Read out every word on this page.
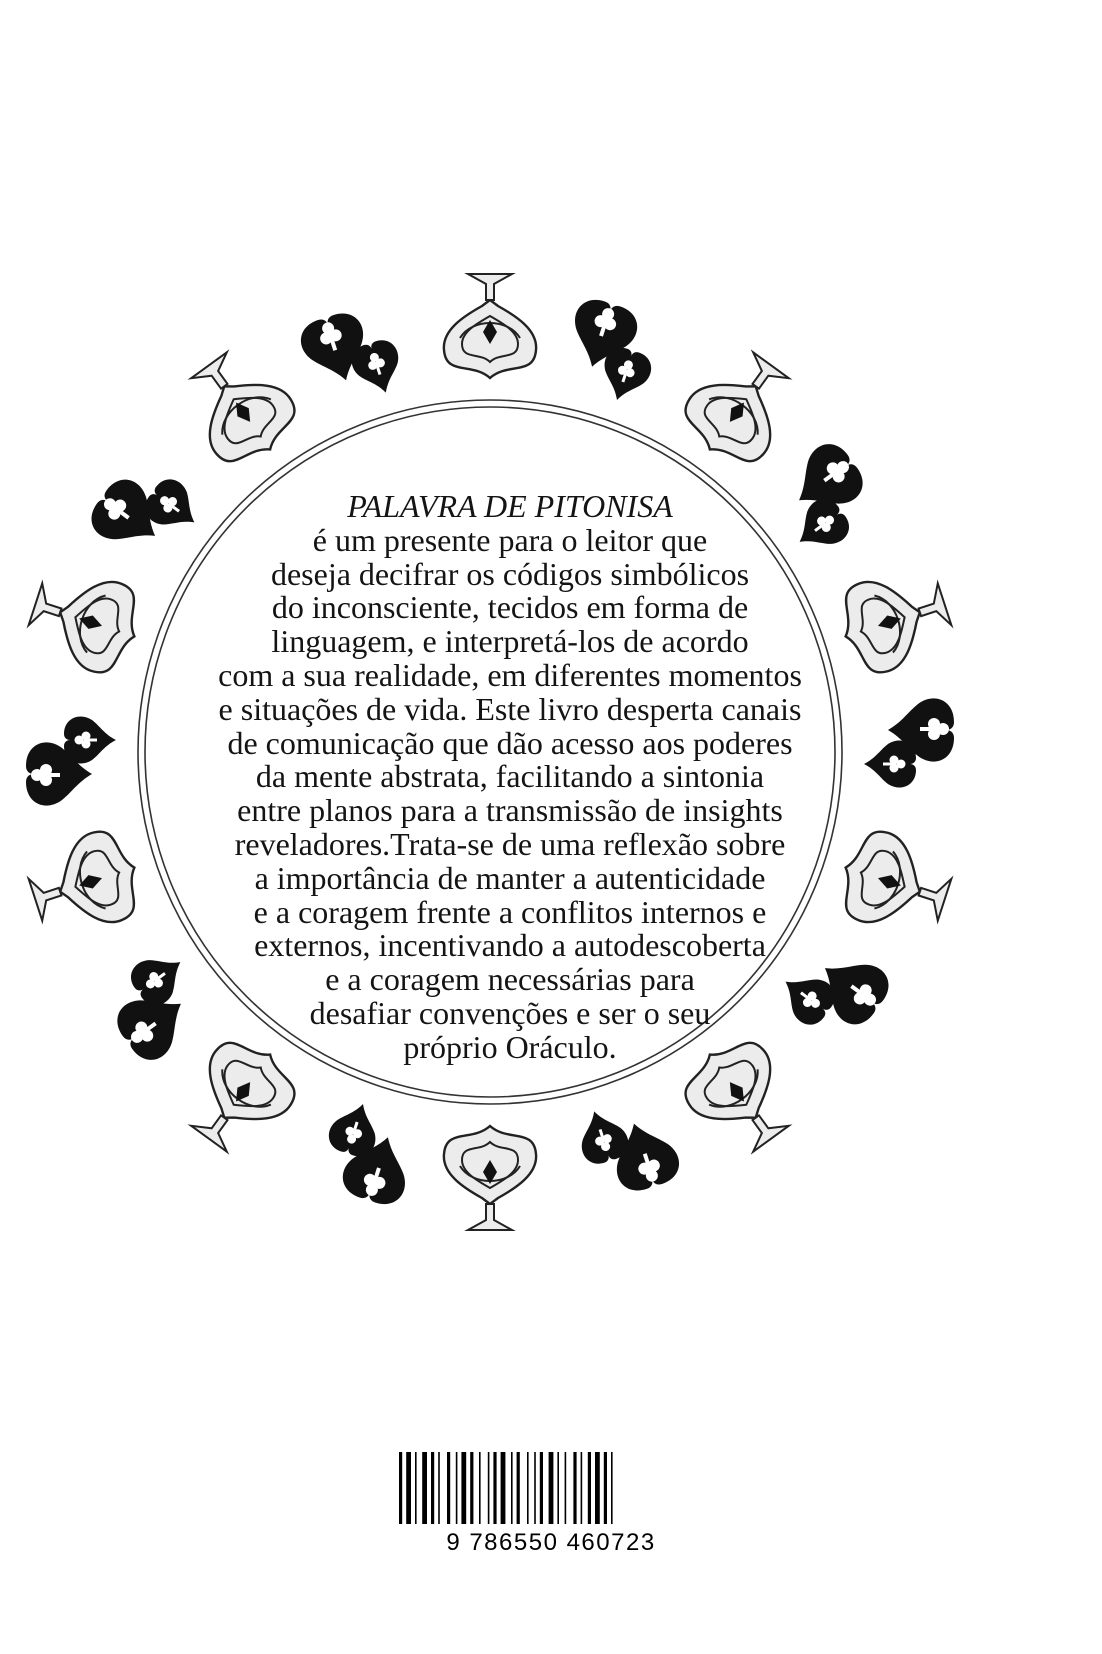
PALAVRA DE PITONISA
é um presente para o leitor que
deseja decifrar os códigos simbólicos
do inconsciente, tecidos em forma de
linguagem, e interpretá-los de acordo
com a sua realidade, em diferentes momentos
e situações de vida. Este livro desperta canais
de comunicação que dão acesso aos poderes
da mente abstrata, facilitando a sintonia
entre planos para a transmissão de insights
reveladores.Trata-se de uma reflexão sobre
a importância de manter a autenticidade
e a coragem frente a conflitos internos e
externos, incentivando a autodescoberta
e a coragem necessárias para
desafiar convenções e ser o seu
próprio Oráculo.
9 786550 460723
